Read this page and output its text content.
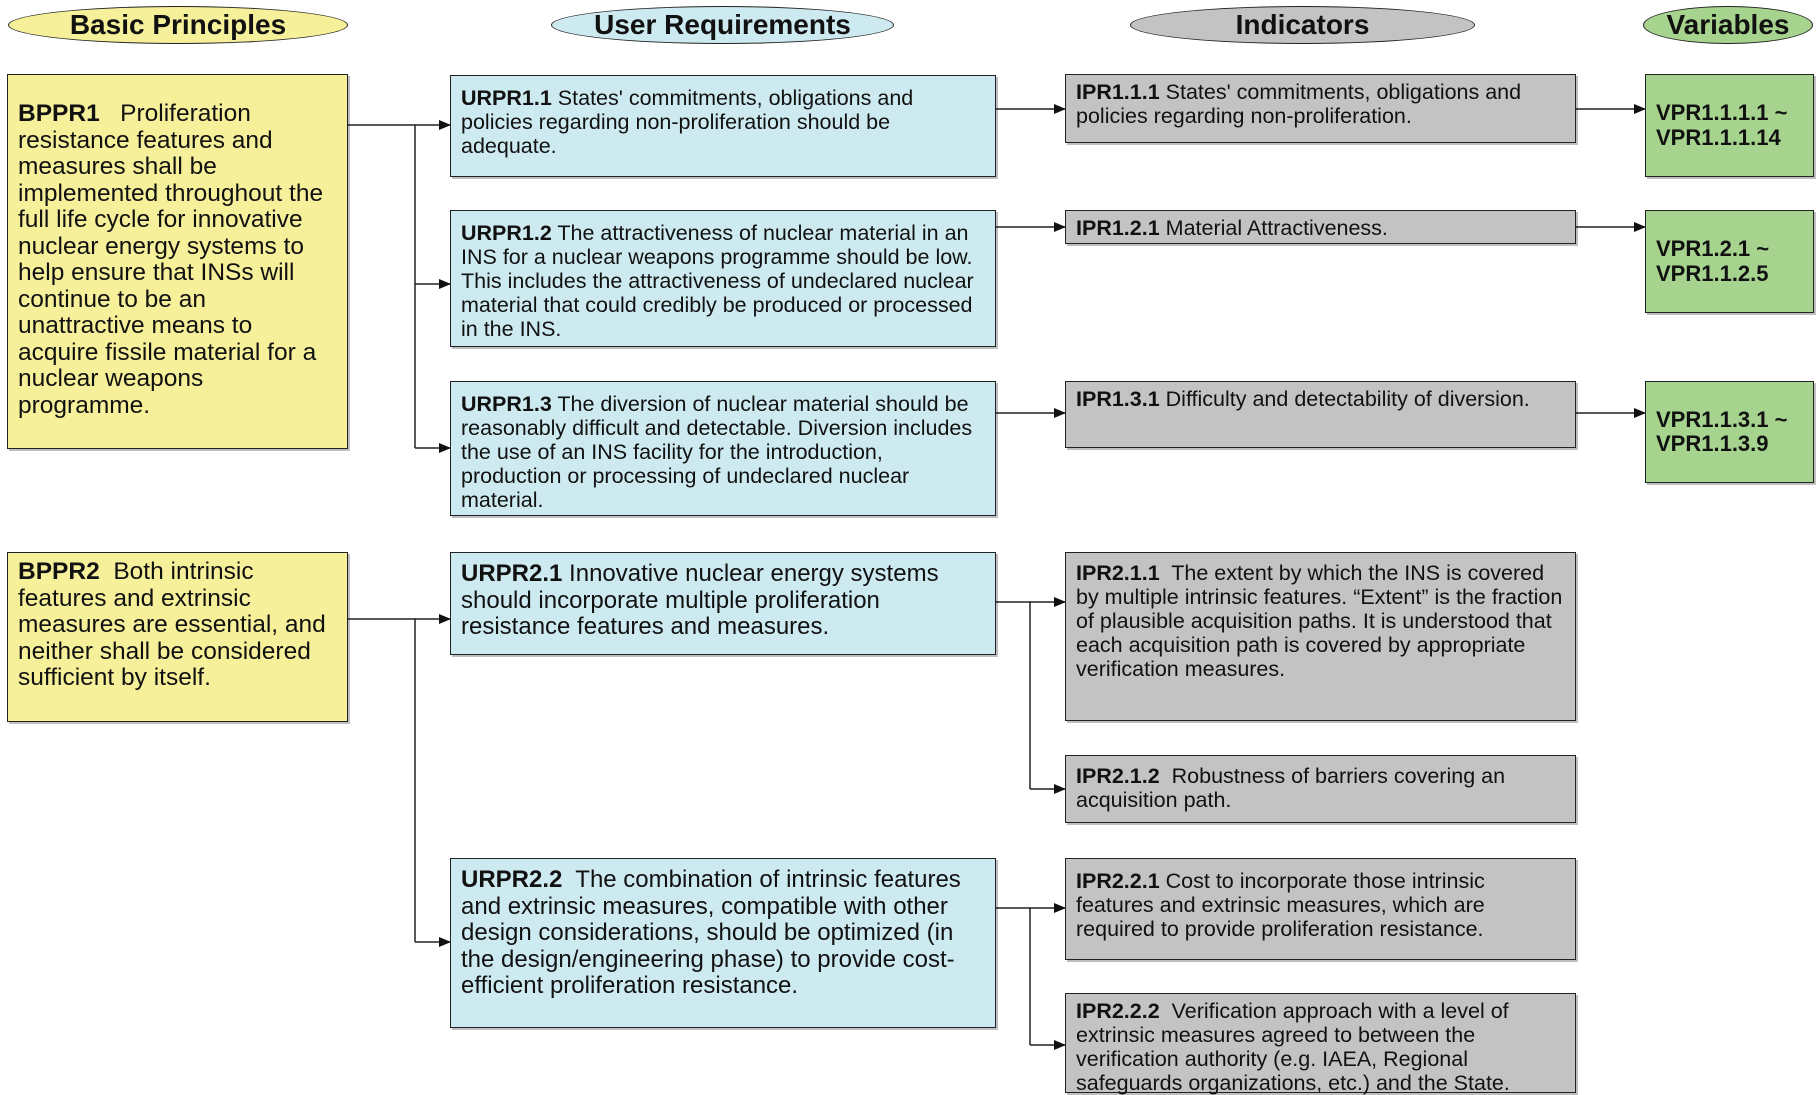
Basic Principles	User Requirements	Indicators	Variables
BPPR1 Proliferation resistance features and measures shall be implemented throughout the full life cycle for innovative nuclear energy systems to help ensure that INSs will continue to be an unattractive means to acquire fissile material for a nuclear weapons programme.
BPPR2 Both intrinsic features and extrinsic measures are essential, and neither shall be considered sufficient by itself.
URPR1.1 States' commitments, obligations and policies regarding non-proliferation should be adequate.
URPR1.2 The attractiveness of nuclear material in an INS for a nuclear weapons programme should be low. This includes the attractiveness of undeclared nuclear material that could credibly be produced or processed in the INS.
URPR1.3 The diversion of nuclear material should be reasonably difficult and detectable. Diversion includes the use of an INS facility for the introduction, production or processing of undeclared nuclear material.
URPR2.1 Innovative nuclear energy systems should incorporate multiple proliferation resistance features and measures.
URPR2.2 The combination of intrinsic features and extrinsic measures, compatible with other design considerations, should be optimized (in the design/engineering phase) to provide cost-efficient proliferation resistance.
IPR1.1.1 States' commitments, obligations and policies regarding non-proliferation.
IPR1.2.1 Material Attractiveness.
IPR1.3.1 Difficulty and detectability of diversion.
IPR2.1.1 The extent by which the INS is covered by multiple intrinsic features. “Extent” is the fraction of plausible acquisition paths. It is understood that each acquisition path is covered by appropriate verification measures.
IPR2.1.2 Robustness of barriers covering an acquisition path.
IPR2.2.1 Cost to incorporate those intrinsic features and extrinsic measures, which are required to provide proliferation resistance.
IPR2.2.2 Verification approach with a level of extrinsic measures agreed to between the verification authority (e.g. IAEA, Regional safeguards organizations, etc.) and the State.
VPR1.1.1.1 ~
VPR1.1.1.14
VPR1.2.1 ~
VPR1.1.2.5
VPR1.1.3.1 ~
VPR1.1.3.9
